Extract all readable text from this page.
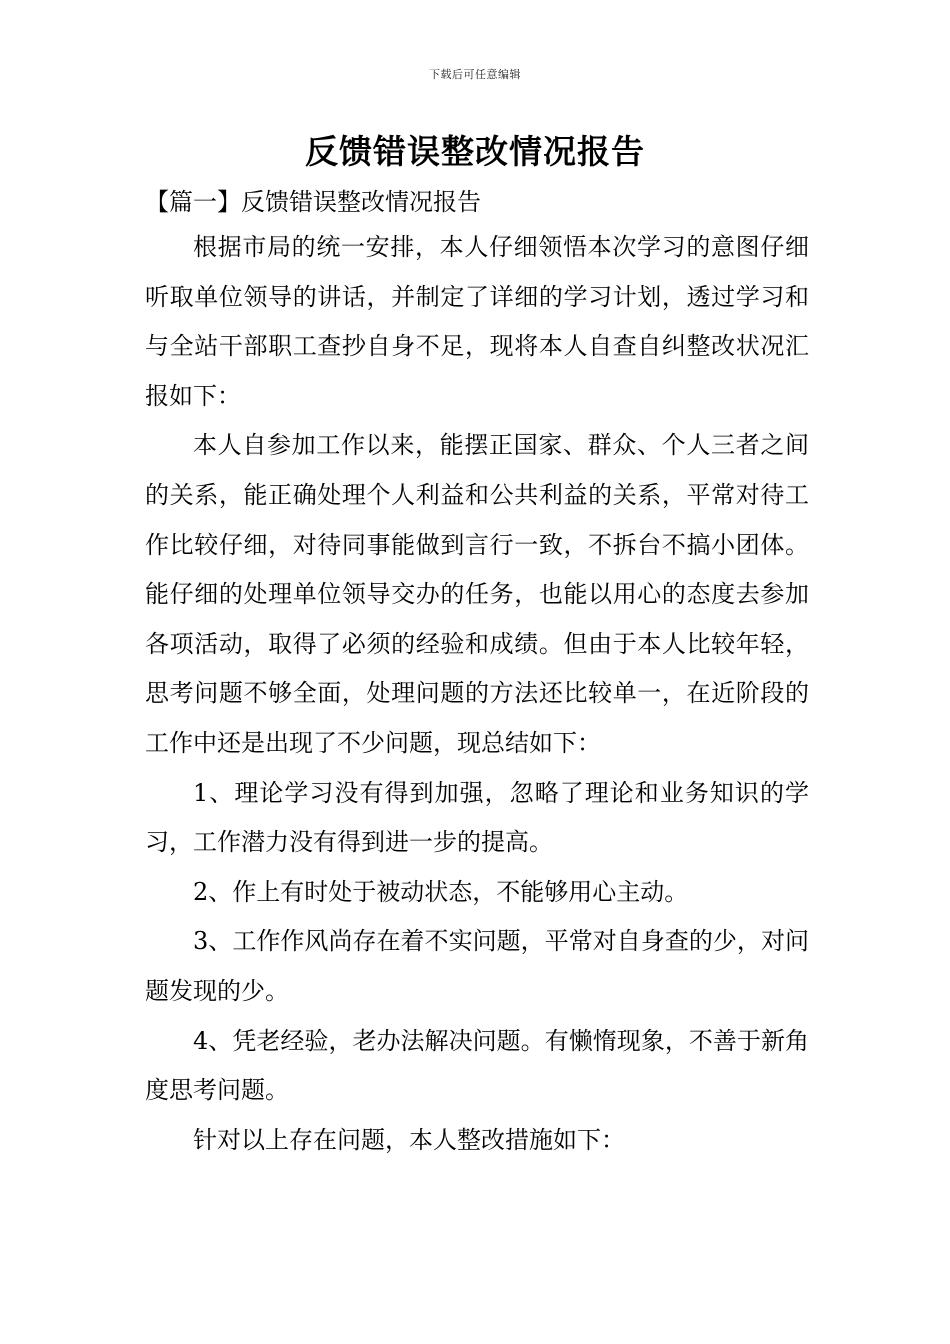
下载后可任意编辑
反馈错误整改情况报告

【篇一】反馈错误整改情况报告

根据市局的统一安排，本人仔细领悟本次学习的意图仔细听取单位领导的讲话，并制定了详细的学习计划，透过学习和与全站干部职工查抄自身不足，现将本人自查自纠整改状况汇报如下：

本人自参加工作以来，能摆正国家、群众、个人三者之间的关系，能正确处理个人利益和公共利益的关系，平常对待工作比较仔细，对待同事能做到言行一致，不拆台不搞小团体。能仔细的处理单位领导交办的任务，也能以用心的态度去参加各项活动，取得了必须的经验和成绩。但由于本人比较年轻，思考问题不够全面，处理问题的方法还比较单一，在近阶段的工作中还是出现了不少问题，现总结如下：

1、理论学习没有得到加强，忽略了理论和业务知识的学习，工作潜力没有得到进一步的提高。

2、作上有时处于被动状态，不能够用心主动。

3、工作作风尚存在着不实问题，平常对自身查的少，对问题发现的少。

4、凭老经验，老办法解决问题。有懒惰现象，不善于新角度思考问题。

针对以上存在问题，本人整改措施如下：
